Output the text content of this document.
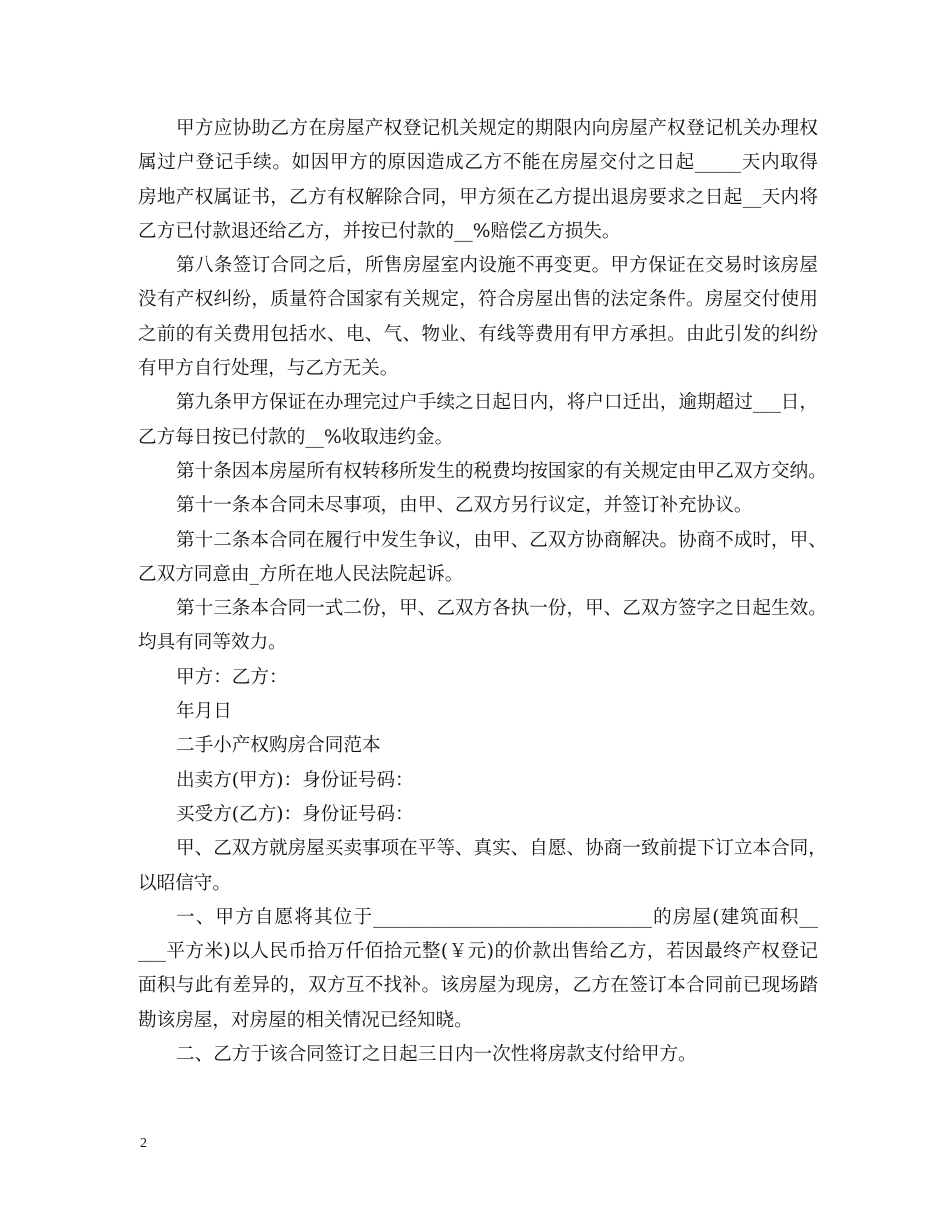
甲方应协助乙方在房屋产权登记机关规定的期限内向房屋产权登记机关办理权
属过户登记手续。如因甲方的原因造成乙方不能在房屋交付之日起_____天内取得
房地产权属证书，乙方有权解除合同，甲方须在乙方提出退房要求之日起__天内将
乙方已付款退还给乙方，并按已付款的__%赔偿乙方损失。
第八条签订合同之后，所售房屋室内设施不再变更。甲方保证在交易时该房屋
没有产权纠纷，质量符合国家有关规定，符合房屋出售的法定条件。房屋交付使用
之前的有关费用包括水、电、气、物业、有线等费用有甲方承担。由此引发的纠纷
有甲方自行处理，与乙方无关。
第九条甲方保证在办理完过户手续之日起日内，将户口迁出，逾期超过___日，
乙方每日按已付款的__%收取违约金。
第十条因本房屋所有权转移所发生的税费均按国家的有关规定由甲乙双方交纳。
第十一条本合同未尽事项，由甲、乙双方另行议定，并签订补充协议。
第十二条本合同在履行中发生争议，由甲、乙双方协商解决。协商不成时，甲、
乙双方同意由_方所在地人民法院起诉。
第十三条本合同一式二份，甲、乙双方各执一份，甲、乙双方签字之日起生效。
均具有同等效力。
甲方：乙方：
年月日
二手小产权购房合同范本
出卖方(甲方)：身份证号码：
买受方(乙方)：身份证号码：
甲、乙双方就房屋买卖事项在平等、真实、自愿、协商一致前提下订立本合同，
以昭信守。
一、甲方自愿将其位于______________________________的房屋(建筑面积__
___平方米)以人民币拾万仟佰拾元整(￥元)的价款出售给乙方，若因最终产权登记
面积与此有差异的，双方互不找补。该房屋为现房，乙方在签订本合同前已现场踏
勘该房屋，对房屋的相关情况已经知晓。
二、乙方于该合同签订之日起三日内一次性将房款支付给甲方。
2
